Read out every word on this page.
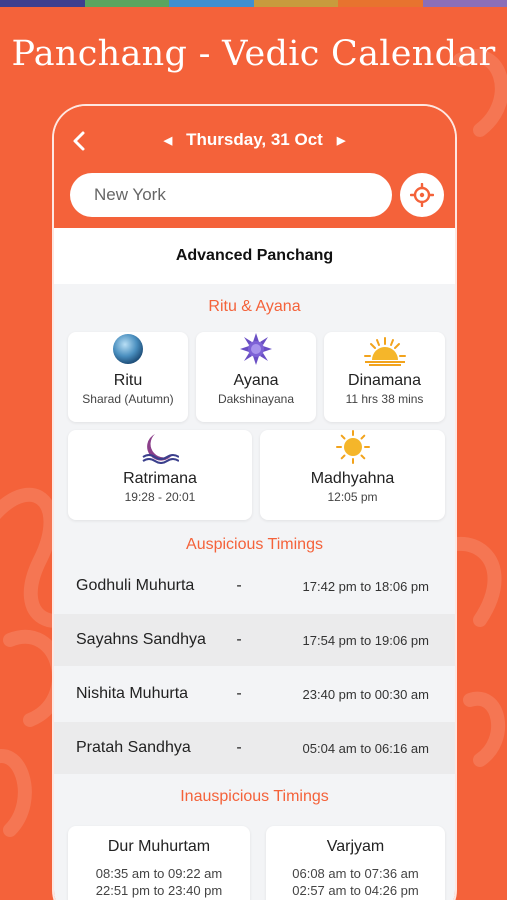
Panchang - Vedic Calendar
◀ Thursday, 31 Oct ▶
New York
Advanced Panchang
Ritu & Ayana
Ritu
Sharad (Autumn)
Ayana
Dakshinayana
Dinamana
11 hrs 38 mins
Ratrimana
19:28 - 20:01
Madhyahna
12:05 pm
Auspicious Timings
Godhuli Muhurta	-	17:42 pm to 18:06 pm
Sayahns Sandhya	-	17:54 pm to 19:06 pm
Nishita Muhurta	-	23:40 pm to 00:30 am
Pratah Sandhya	-	05:04 am to 06:16 am
Inauspicious Timings
Dur Muhurtam
08:35 am to 09:22 am
22:51 pm to 23:40 pm
Varjyam
06:08 am to 07:36 am
02:57 am to 04:26 pm
